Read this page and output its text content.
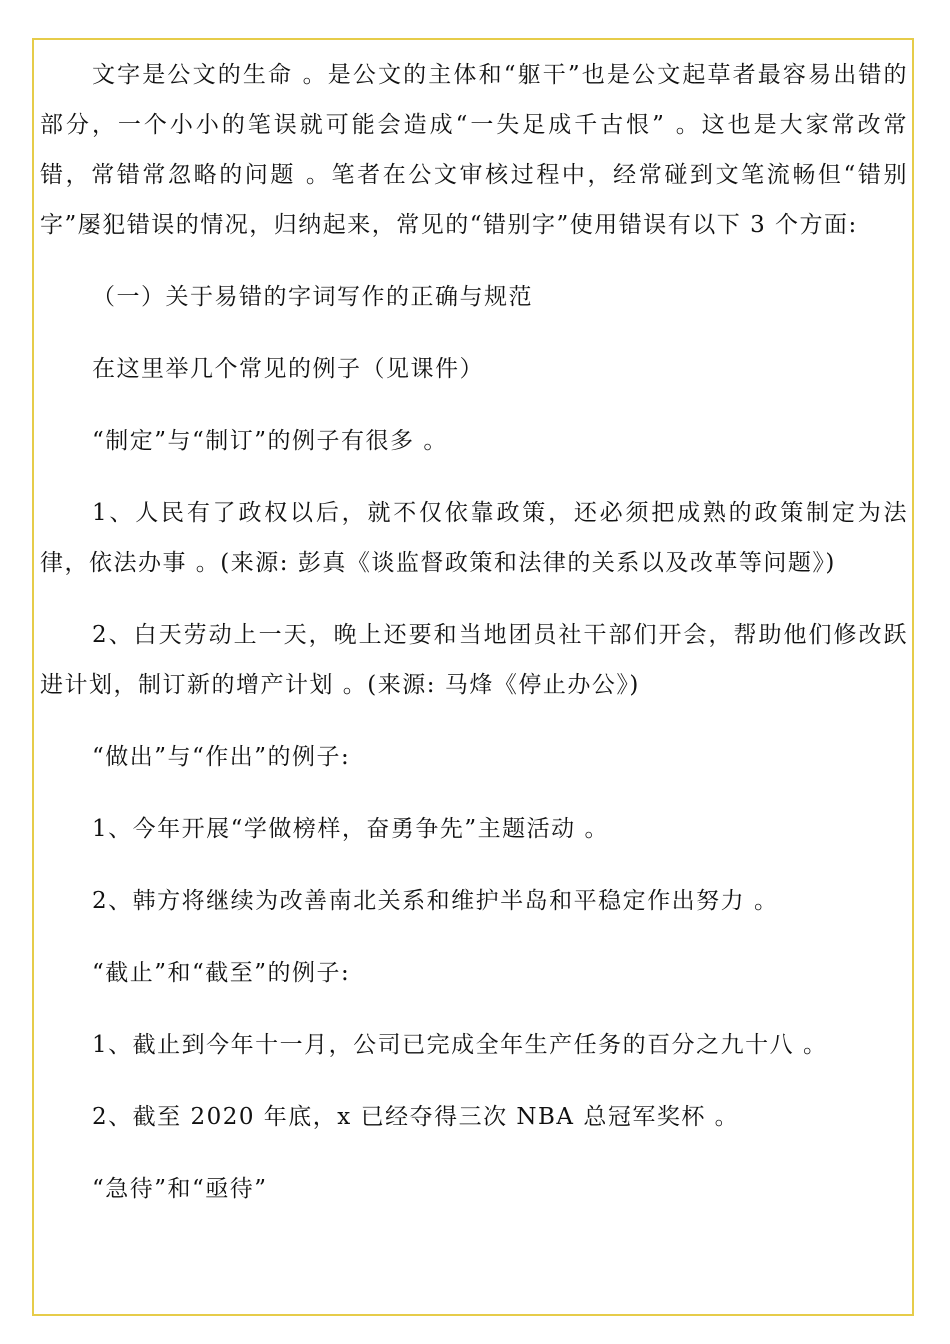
文字是公文的生命 。是公文的主体和“躯干”也是公文起草者最容易出错的部分，一个小小的笔误就可能会造成“一失足成千古恨” 。这也是大家常改常错，常错常忽略的问题 。笔者在公文审核过程中，经常碰到文笔流畅但“错别字”屡犯错误的情况，归纳起来，常见的“错别字”使用错误有以下 3 个方面:

（一）关于易错的字词写作的正确与规范

在这里举几个常见的例子（见课件）

“制定”与“制订”的例子有很多 。

1、人民有了政权以后，就不仅依靠政策，还必须把成熟的政策制定为法律，依法办事 。(来源: 彭真《谈监督政策和法律的关系以及改革等问题》)

2、白天劳动上一天，晚上还要和当地团员社干部们开会，帮助他们修改跃进计划，制订新的增产计划 。(来源: 马烽《停止办公》)

“做出”与“作出”的例子:

1、今年开展“学做榜样，奋勇争先”主题活动 。

2、韩方将继续为改善南北关系和维护半岛和平稳定作出努力 。

“截止”和“截至”的例子:

1、截止到今年十一月，公司已完成全年生产任务的百分之九十八 。

2、截至 2020 年底，x 已经夺得三次 NBA 总冠军奖杯 。

“急待”和“亟待”
